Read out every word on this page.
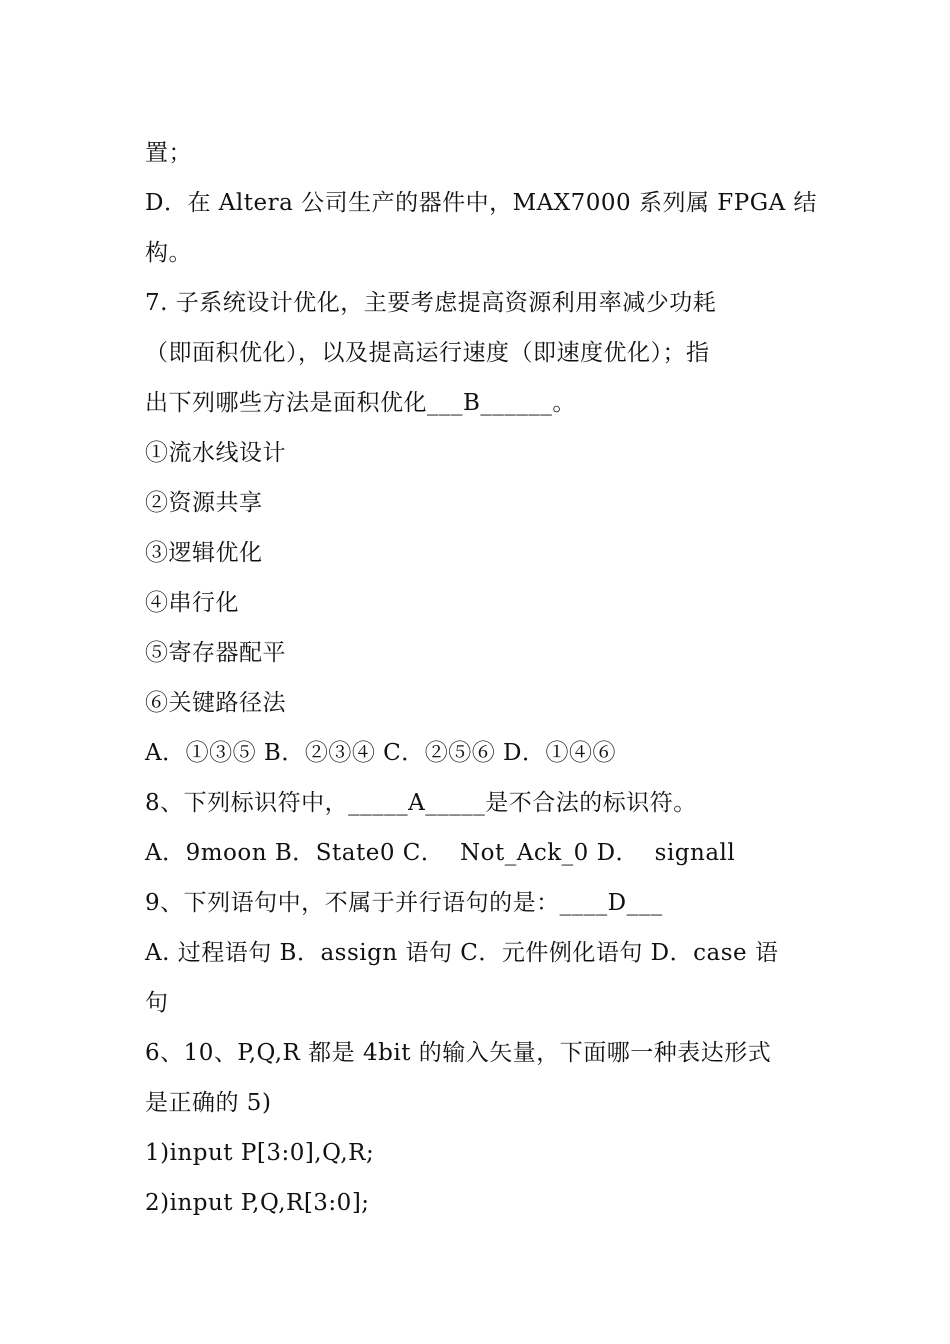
置；
D．在 Altera 公司生产的器件中，MAX7000 系列属 FPGA 结
构。
7. 子系统设计优化，主要考虑提高资源利用率减少功耗
（即面积优化），以及提高运行速度（即速度优化）；指
出下列哪些方法是面积优化___B______。
①流水线设计
②资源共享
③逻辑优化
④串行化
⑤寄存器配平
⑥关键路径法
A．①③⑤ B．②③④ C．②⑤⑥ D．①④⑥
8、下列标识符中，_____A_____是不合法的标识符。
A．9moon B．State0 C．  Not_Ack_0 D．  signall
9、下列语句中，不属于并行语句的是：____D___
A. 过程语句 B．assign 语句 C．元件例化语句 D．case 语
句
6、10、P,Q,R 都是 4bit 的输入矢量，下面哪一种表达形式
是正确的 5)
1)input P[3:0],Q,R;
2)input P,Q,R[3:0];
